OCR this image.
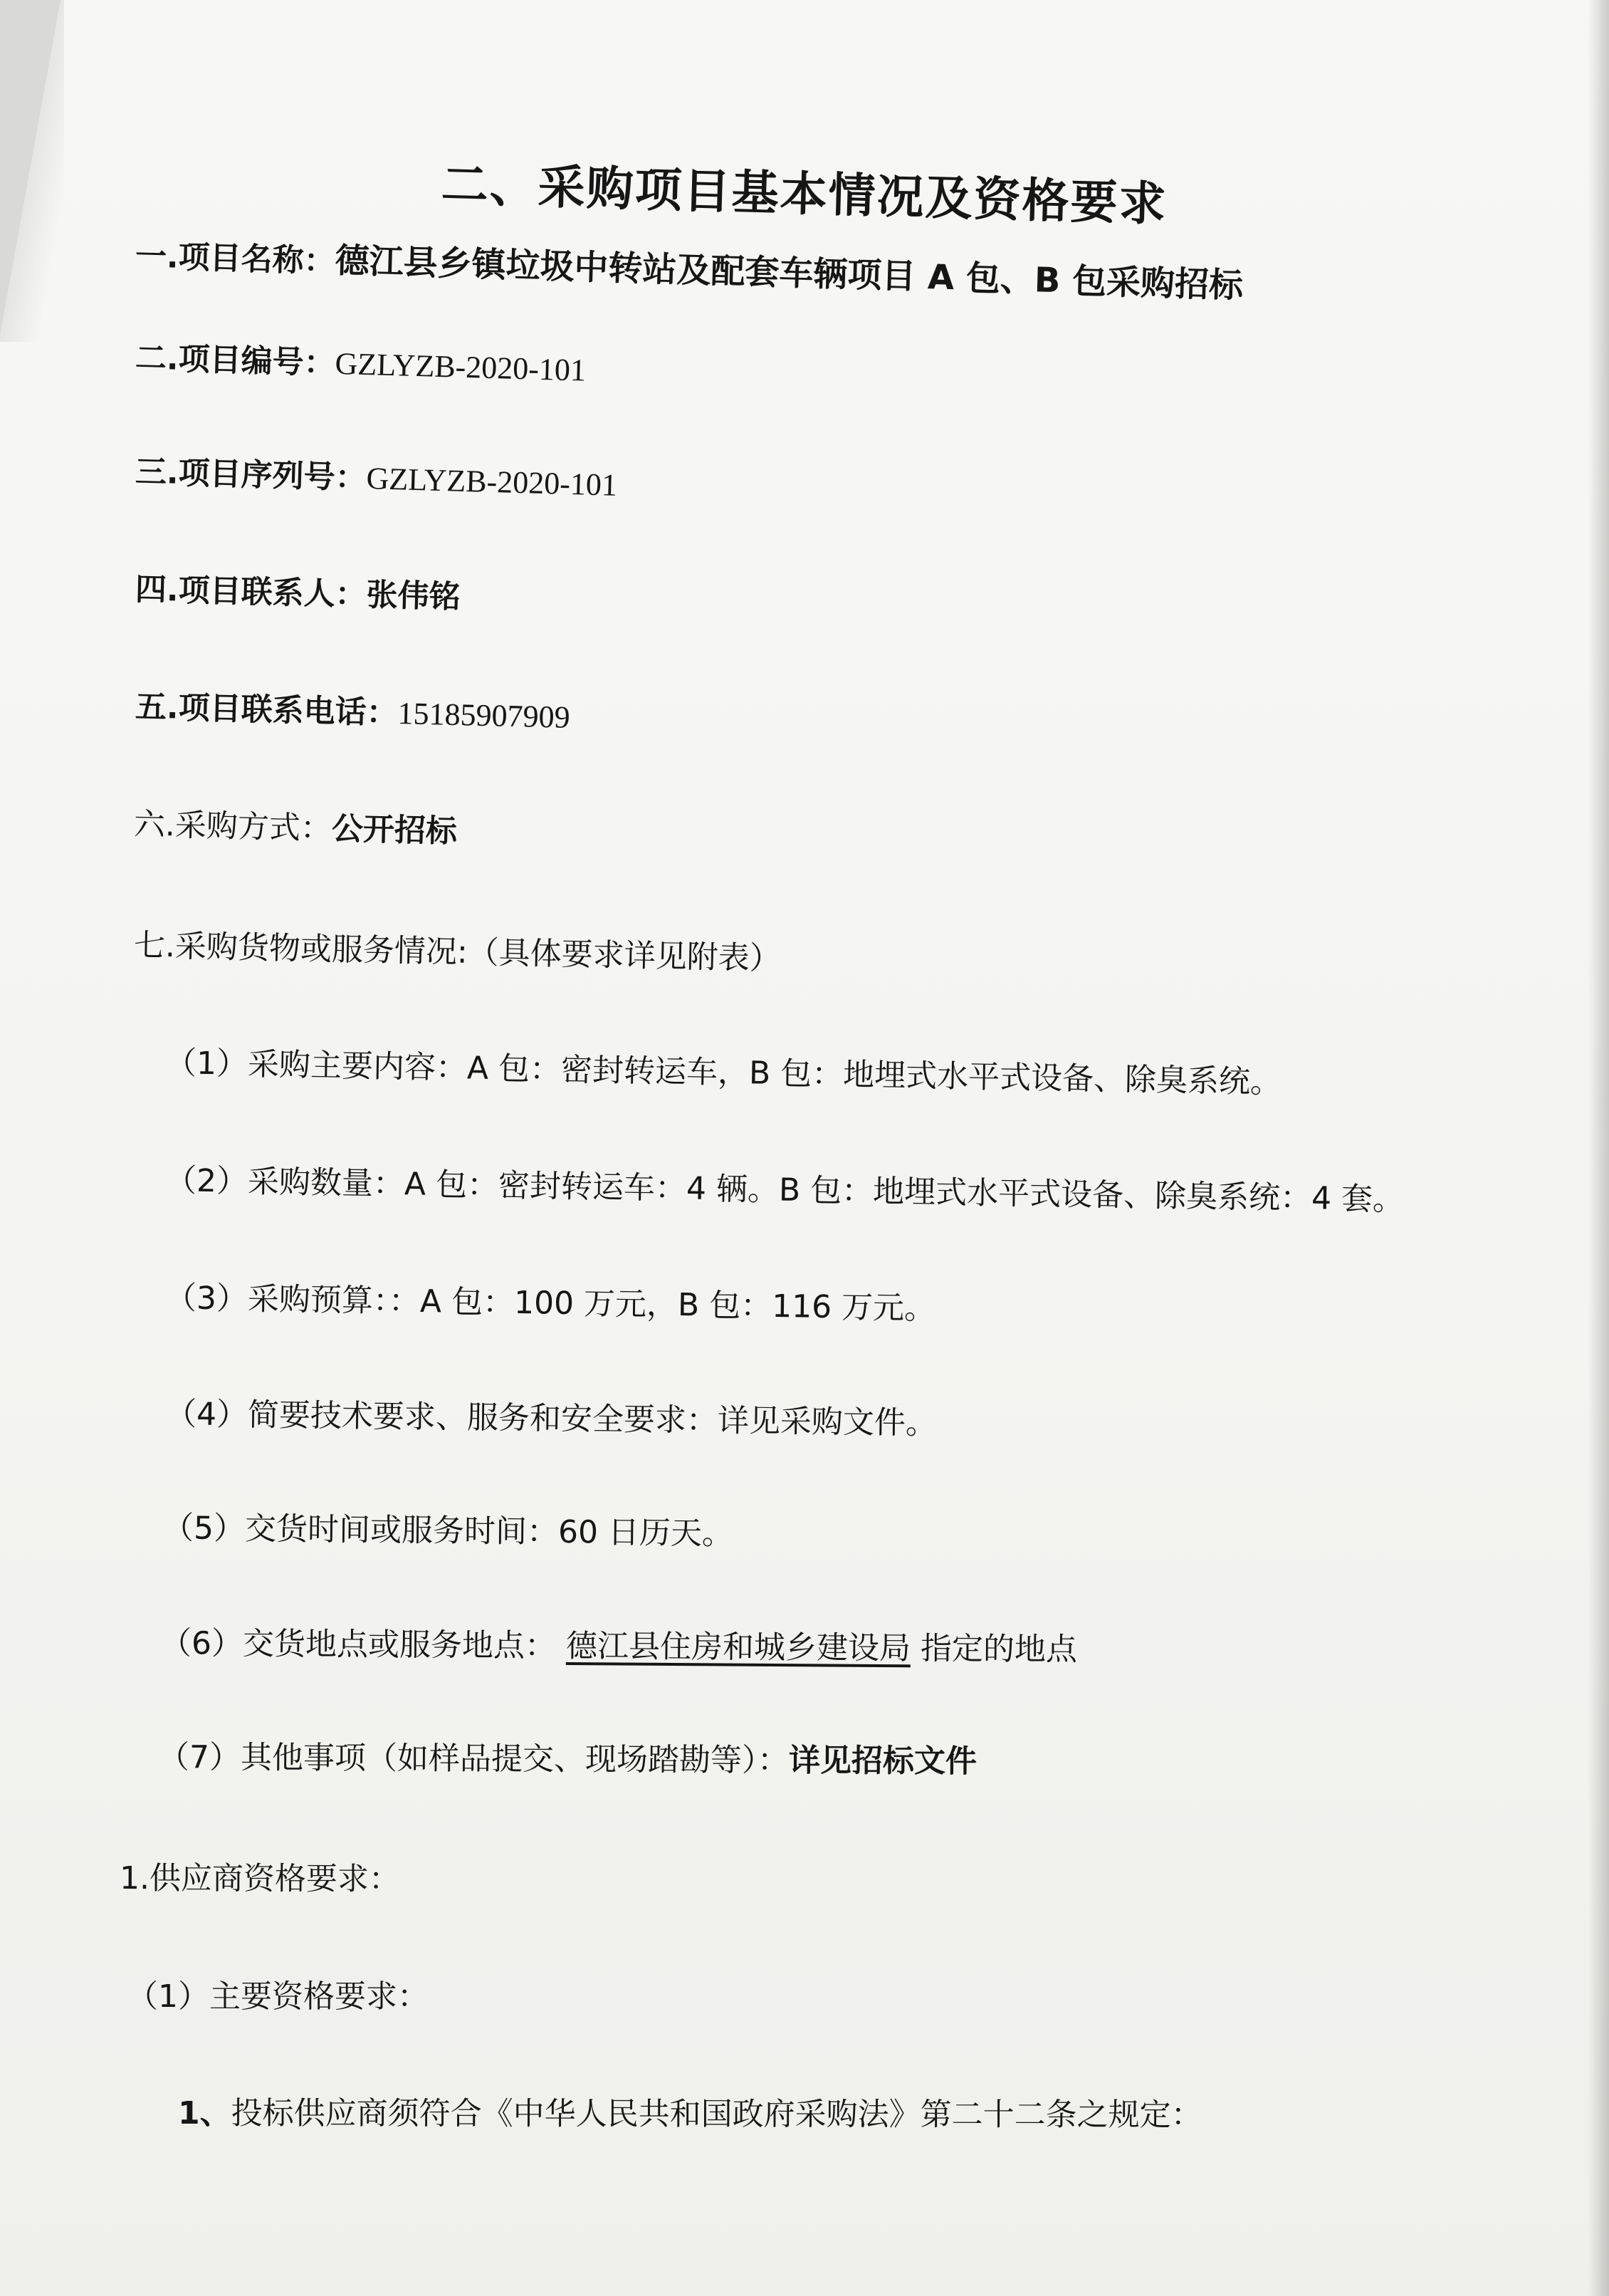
二、采购项目基本情况及资格要求
一.项目名称：德江县乡镇垃圾中转站及配套车辆项目 A 包、B 包采购招标
二.项目编号：GZLYZB-2020-101
三.项目序列号：GZLYZB-2020-101
四.项目联系人：张伟铭
五.项目联系电话：15185907909
六.采购方式：公开招标
七.采购货物或服务情况:（具体要求详见附表）
（1）采购主要内容：A 包：密封转运车，B 包：地埋式水平式设备、除臭系统。
（2）采购数量：A 包：密封转运车：4 辆。B 包：地埋式水平式设备、除臭系统：4 套。
（3）采购预算：：A 包：100 万元，B 包：116 万元。
（4）简要技术要求、服务和安全要求：详见采购文件。
（5）交货时间或服务时间：60 日历天。
（6）交货地点或服务地点： 德江县住房和城乡建设局 指定的地点
（7）其他事项（如样品提交、现场踏勘等）：详见招标文件
1.供应商资格要求：
（1）主要资格要求：
1、投标供应商须符合《中华人民共和国政府采购法》第二十二条之规定：
